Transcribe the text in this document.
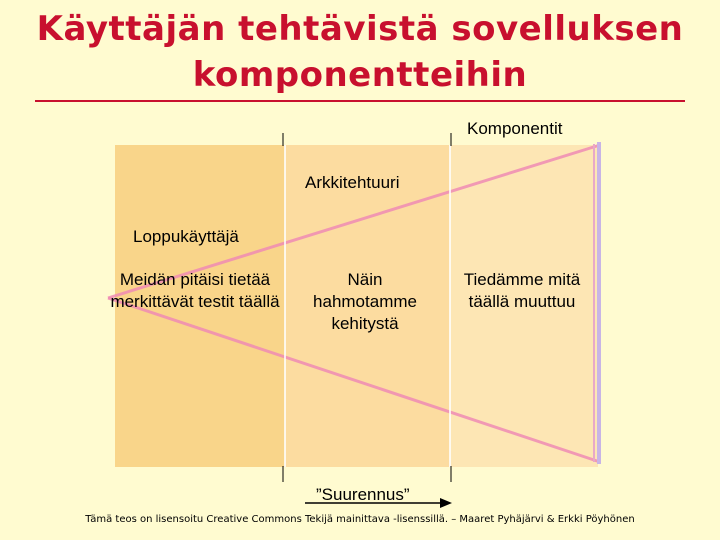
Käyttäjän tehtävistä sovelluksen
komponentteihin
Komponentit
Arkkitehtuuri
Loppukäyttäjä
Meidän pitäisi tietää merkittävät testit täällä
Näin hahmotamme kehitystä
Tiedämme mitä täällä muuttuu
”Suurennus”
Tämä teos on lisensoitu Creative Commons Tekijä mainittava -lisenssillä. – Maaret Pyhäjärvi & Erkki Pöyhönen
